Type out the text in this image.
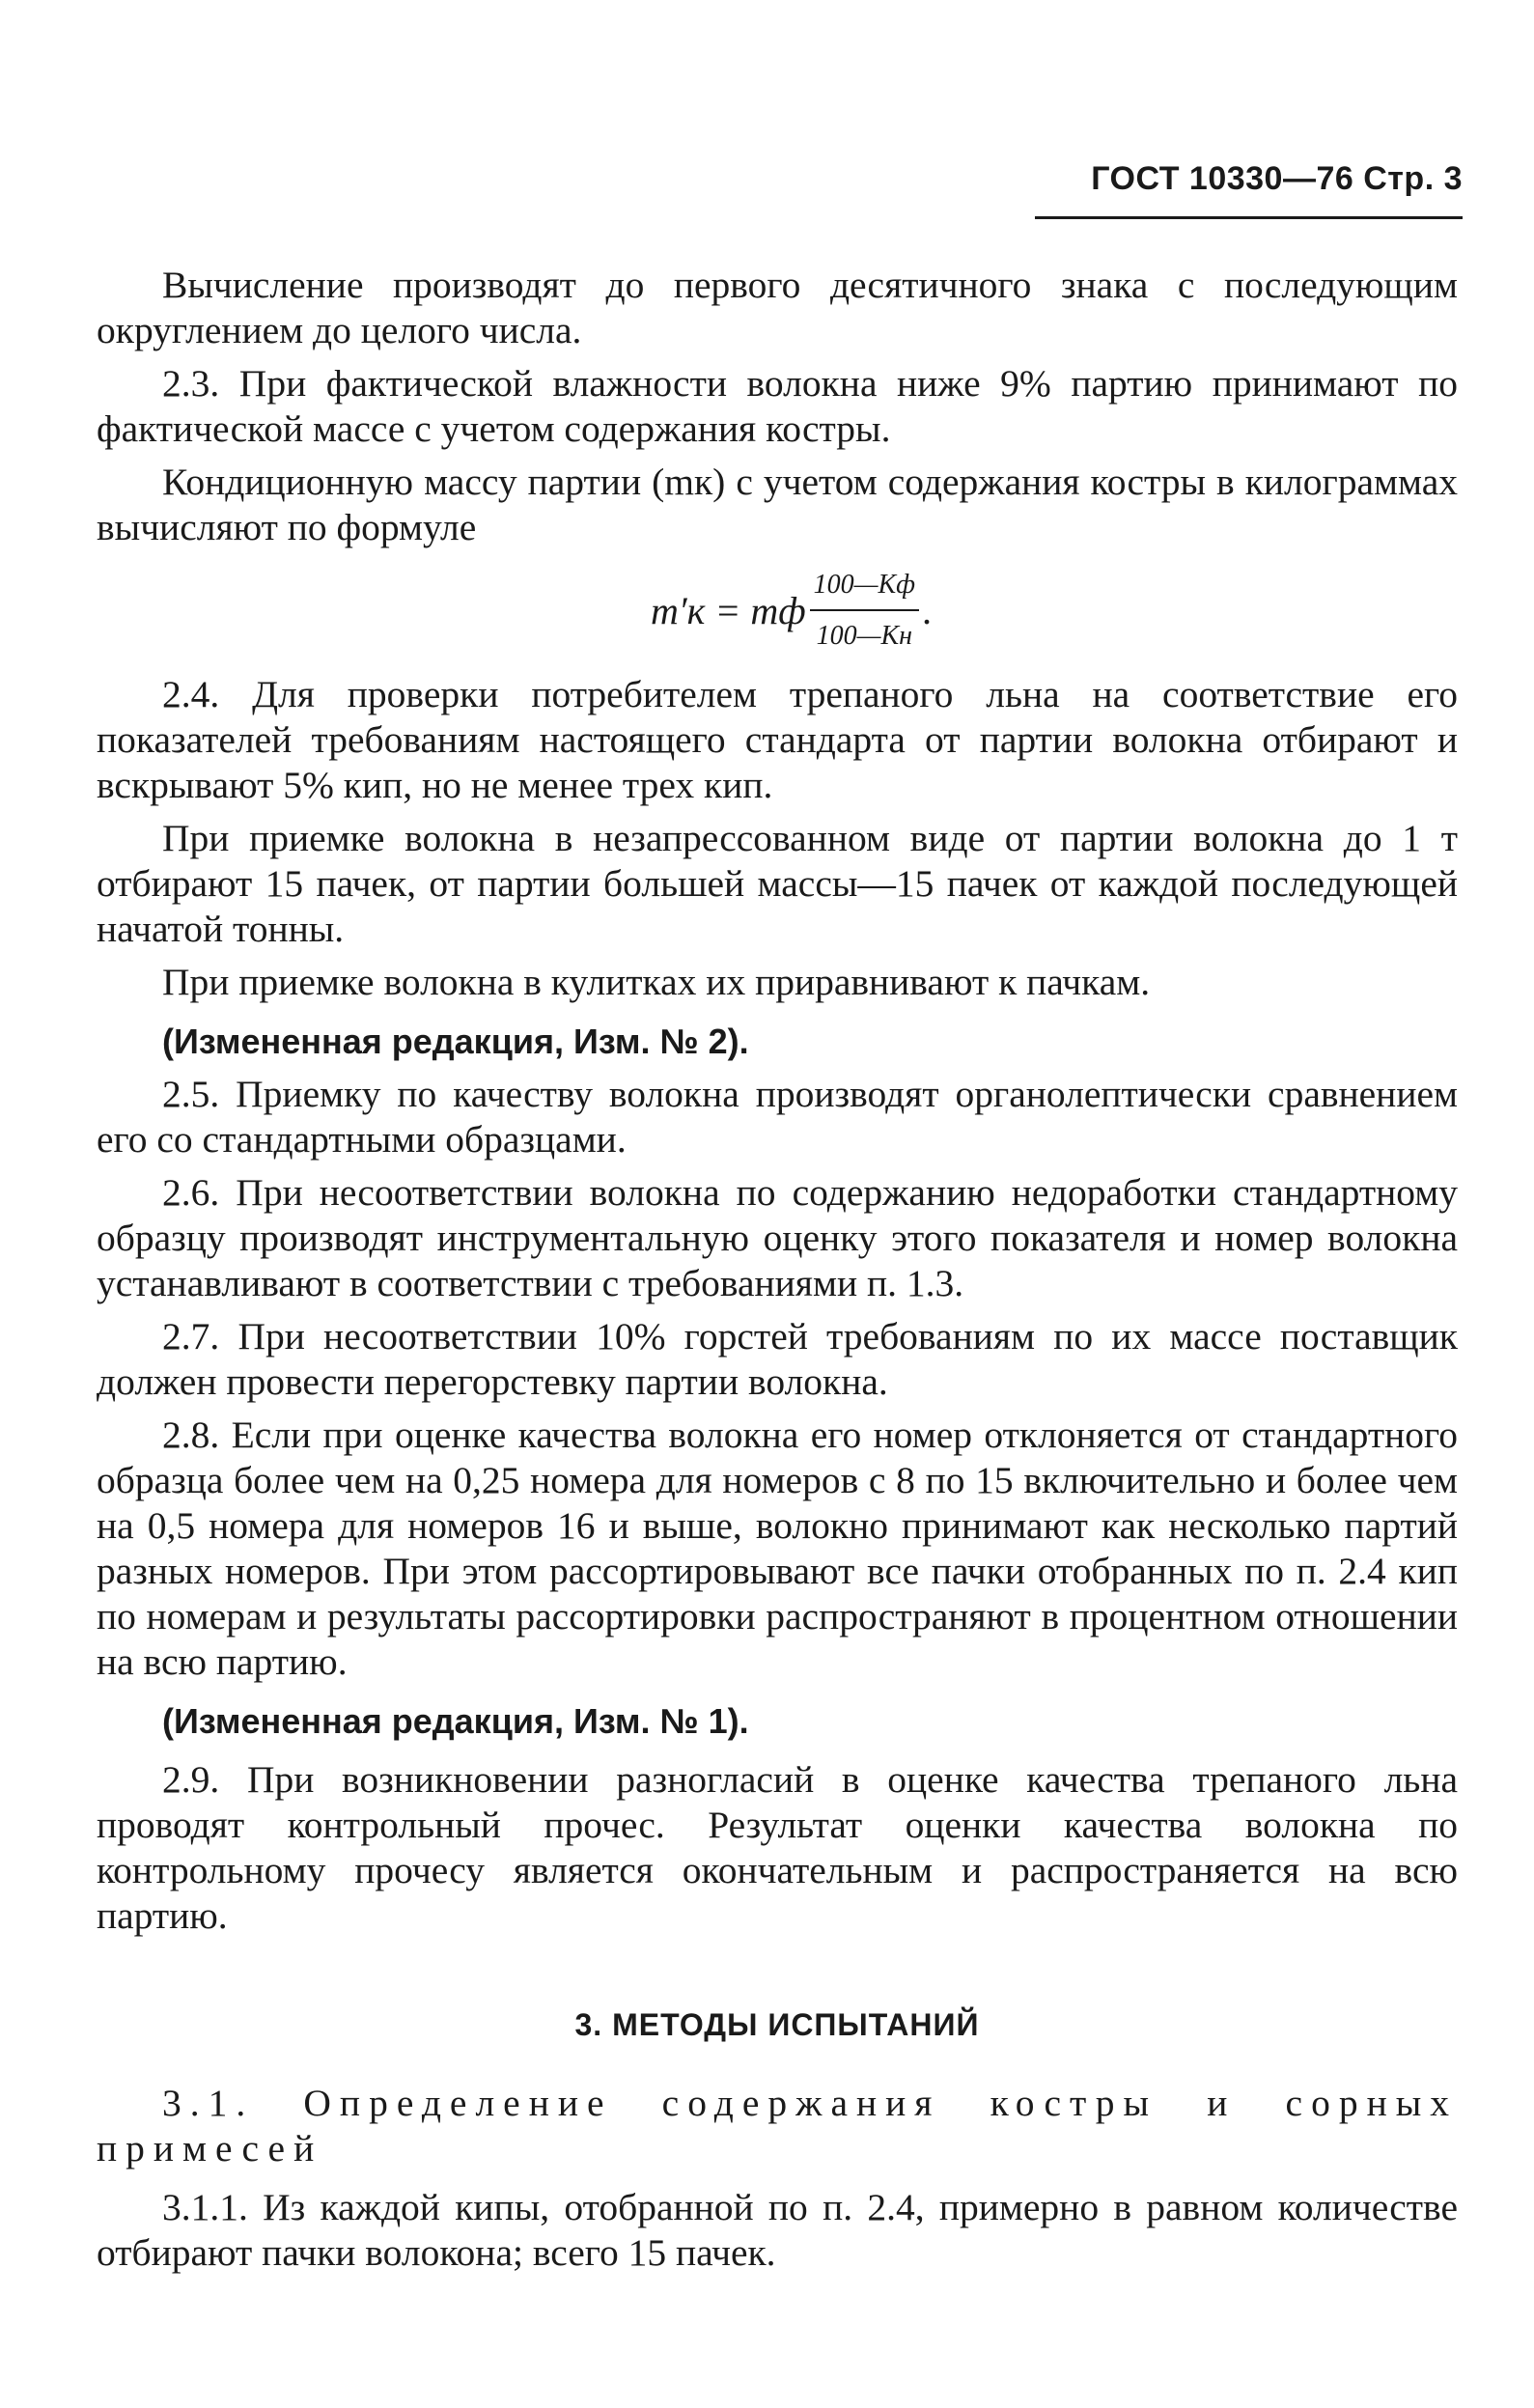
ГОСТ 10330—76 Стр. 3

Вычисление производят до первого десятичного знака с последующим округлением до целого числа.

2.3. При фактической влажности волокна ниже 9% партию принимают по фактической массе с учетом содержания костры.

Кондиционную массу партии (mк) с учетом содержания костры в килограммах вычисляют по формуле

m′к = mф $\frac{100—Кф}{100—Кн}$ .

2.4. Для проверки потребителем трепаного льна на соответствие его показателей требованиям настоящего стандарта от партии волокна отбирают и вскрывают 5% кип, но не менее трех кип.

При приемке волокна в незапрессованном виде от партии волокна до 1 т отбирают 15 пачек, от партии большей массы—15 пачек от каждой последующей начатой тонны.

При приемке волокна в кулитках их приравнивают к пачкам.

(Измененная редакция, Изм. № 2).

2.5. Приемку по качеству волокна производят органолептически сравнением его со стандартными образцами.

2.6. При несоответствии волокна по содержанию недоработки стандартному образцу производят инструментальную оценку этого показателя и номер волокна устанавливают в соответствии с требованиями п. 1.3.

2.7. При несоответствии 10% горстей требованиям по их массе поставщик должен провести перегорстевку партии волокна.

2.8. Если при оценке качества волокна его номер отклоняется от стандартного образца более чем на 0,25 номера для номеров с 8 по 15 включительно и более чем на 0,5 номера для номеров 16 и выше, волокно принимают как несколько партий разных номеров. При этом рассортировывают все пачки отобранных по п. 2.4 кип по номерам и результаты рассортировки распространяют в процентном отношении на всю партию.

(Измененная редакция, Изм. № 1).

2.9. При возникновении разногласий в оценке качества трепаного льна проводят контрольный прочес. Результат оценки качества волокна по контрольному прочесу является окончательным и распространяется на всю партию.

3. МЕТОДЫ ИСПЫТАНИЙ

3.1. Определение содержания костры и сорных примесей

3.1.1. Из каждой кипы, отобранной по п. 2.4, примерно в равном количестве отбирают пачки волокона; всего 15 пачек.
